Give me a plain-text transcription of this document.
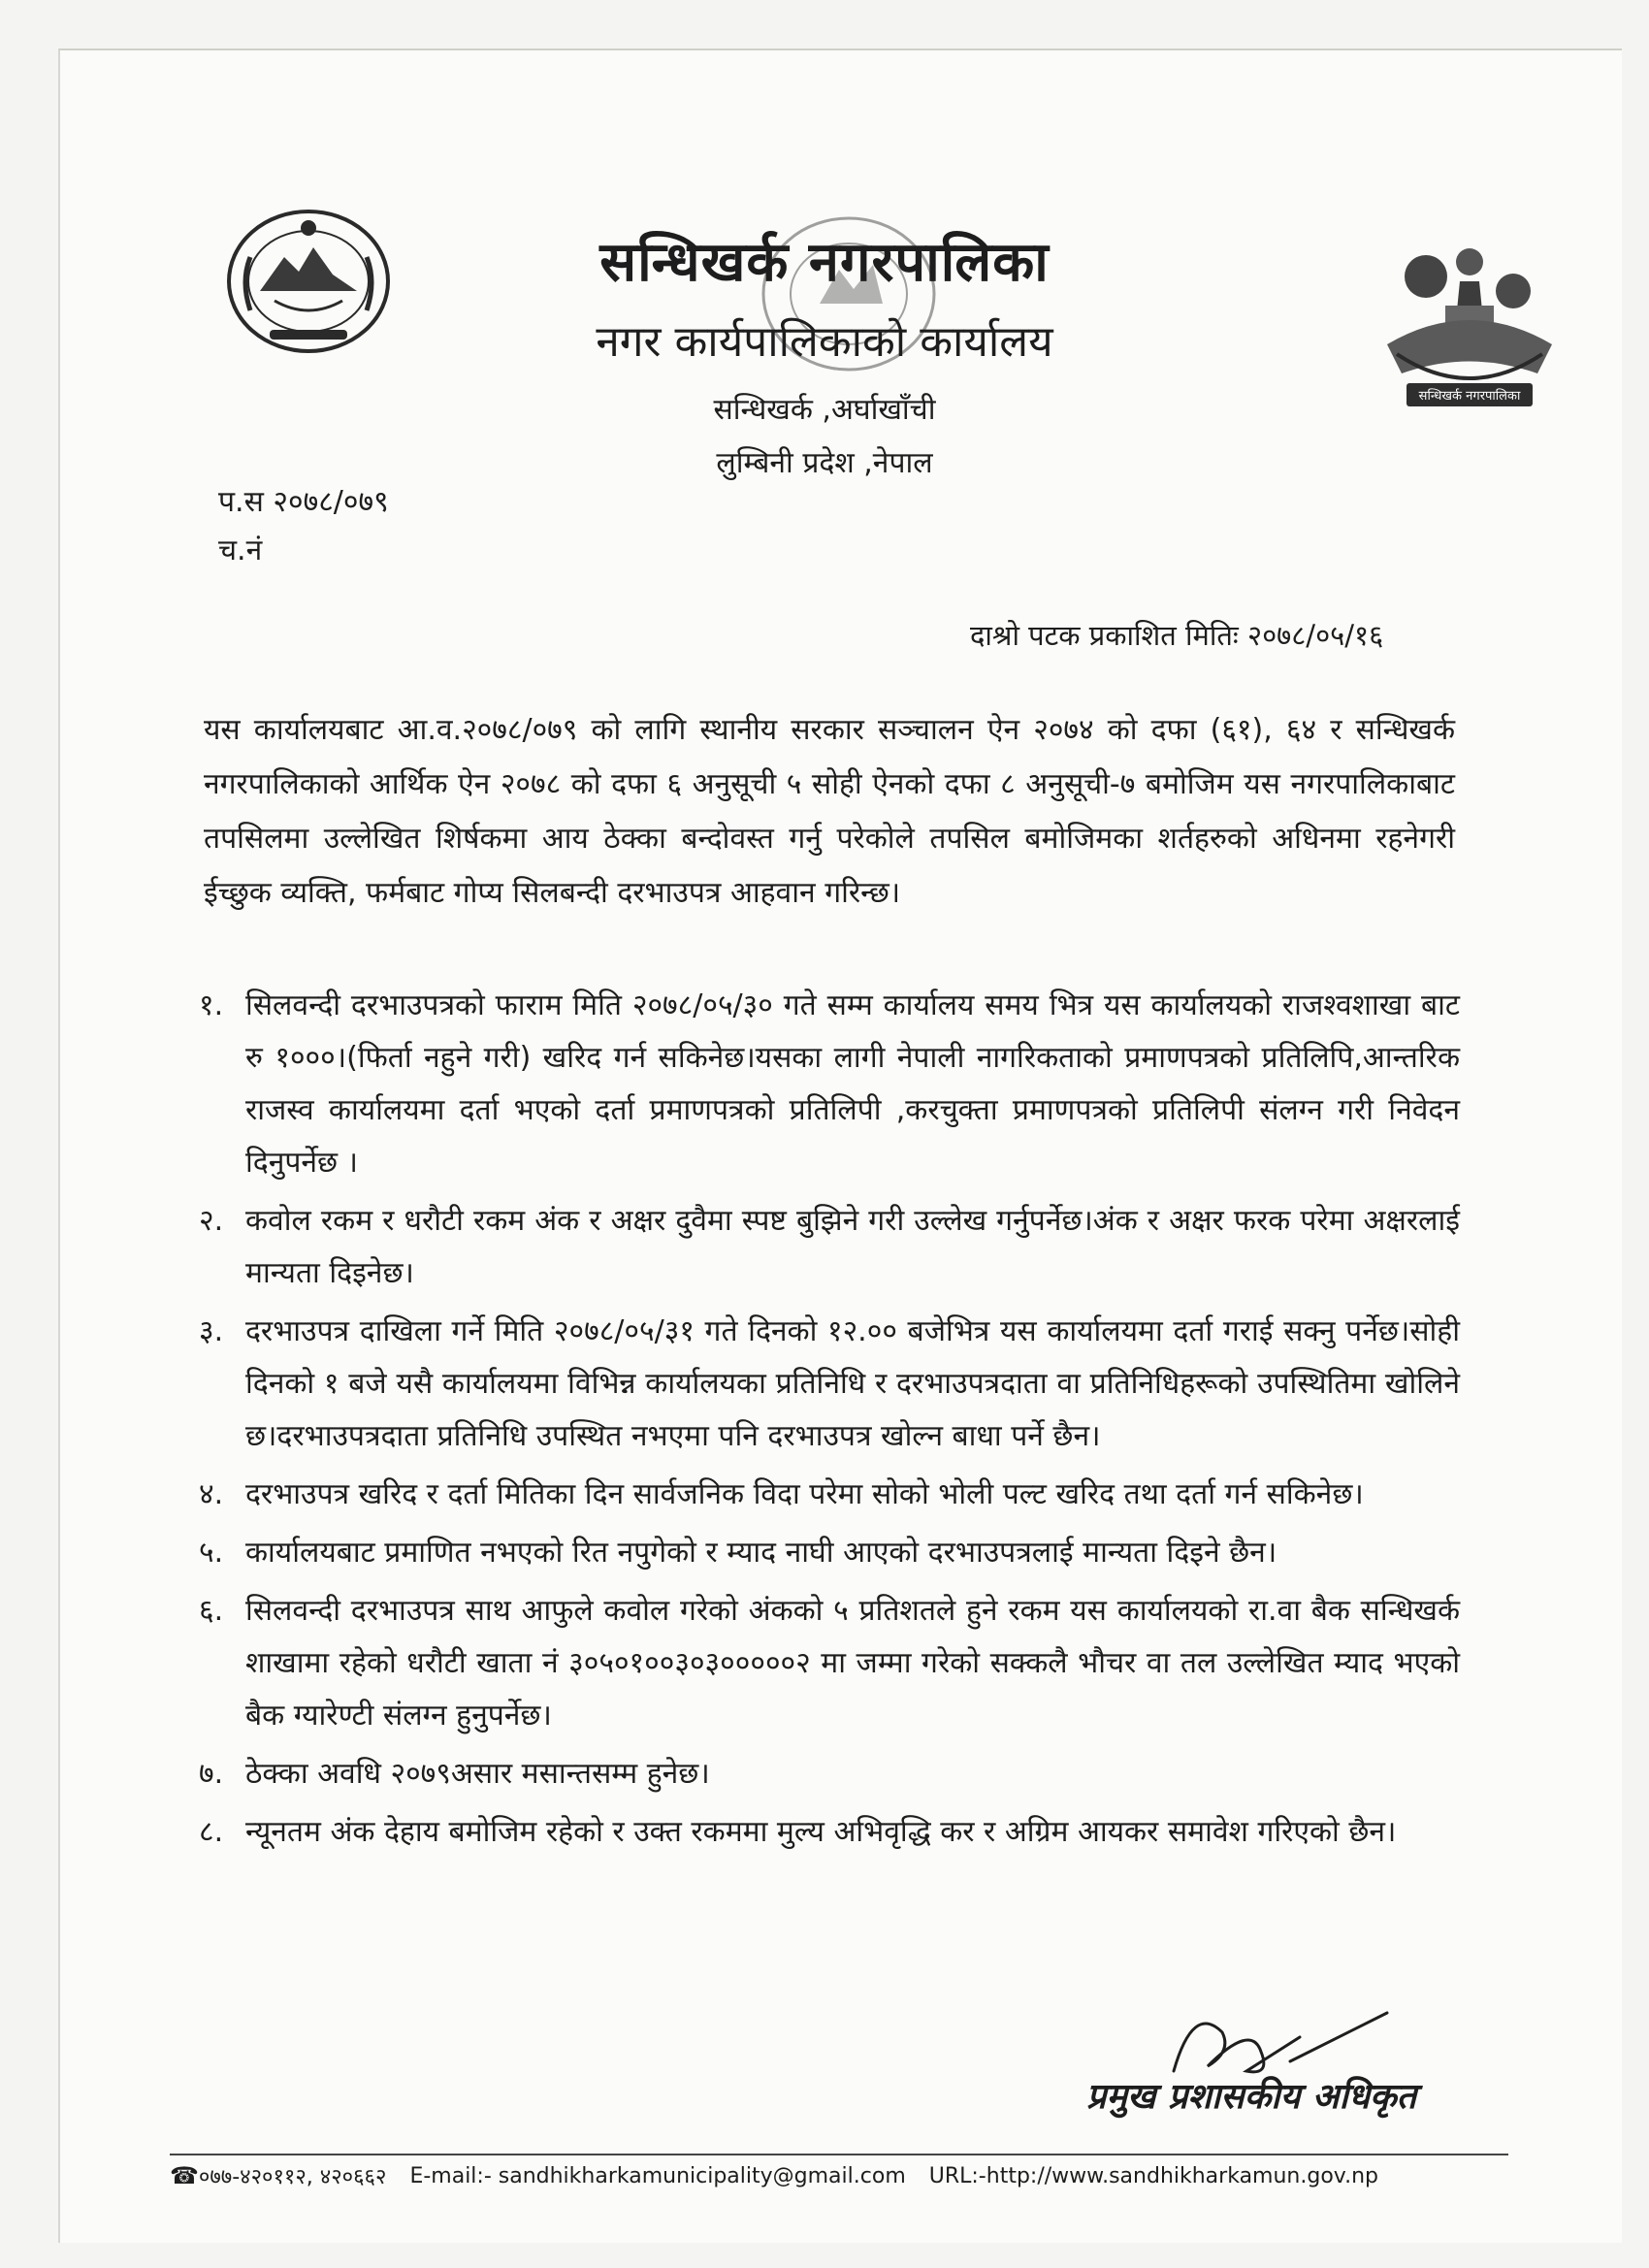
सन्धिखर्क नगरपालिका
सन्धिखर्क नगरपालिका
नगर कार्यपालिकाको कार्यालय
सन्धिखर्क ,अर्घाखाँची
लुम्बिनी प्रदेश ,नेपाल
प.स २०७८/०७९
च.नं
दाश्रो पटक प्रकाशित मितिः २०७८/०५/१६

यस कार्यालयबाट आ.व.२०७८/०७९ को लागि स्थानीय सरकार सञ्चालन ऐन २०७४ को दफा (६१), ६४ र सन्धिखर्क नगरपालिकाको आर्थिक ऐन २०७८ को दफा ६ अनुसूची ५ सोही ऐनको दफा ८ अनुसूची-७ बमोजिम यस नगरपालिकाबाट तपसिलमा उल्लेखित शिर्षकमा आय ठेक्का बन्दोवस्त गर्नु परेकोले तपसिल बमोजिमका शर्तहरुको अधिनमा रहनेगरी ईच्छुक व्यक्ति, फर्मबाट गोप्य सिलबन्दी दरभाउपत्र आहवान गरिन्छ।

१. सिलवन्दी दरभाउपत्रको फाराम मिति २०७८/०५/३० गते सम्म कार्यालय समय भित्र यस कार्यालयको राजश्वशाखा बाट रु १०००।(फिर्ता नहुने गरी) खरिद गर्न सकिनेछ।यसका लागी नेपाली नागरिकताको प्रमाणपत्रको प्रतिलिपि,आन्तरिक राजस्व कार्यालयमा दर्ता भएको दर्ता प्रमाणपत्रको प्रतिलिपी ,करचुक्ता प्रमाणपत्रको प्रतिलिपी संलग्न गरी निवेदन दिनुपर्नेछ ।
२. कवोल रकम र धरौटी रकम अंक र अक्षर दुवैमा स्पष्ट बुझिने गरी उल्लेख गर्नुपर्नेछ।अंक र अक्षर फरक परेमा अक्षरलाई मान्यता दिइनेछ।
३. दरभाउपत्र दाखिला गर्ने मिति २०७८/०५/३१ गते दिनको १२.०० बजेभित्र यस कार्यालयमा दर्ता गराई सक्नु पर्नेछ।सोही दिनको १ बजे यसै कार्यालयमा विभिन्न कार्यालयका प्रतिनिधि र दरभाउपत्रदाता वा प्रतिनिधिहरूको उपस्थितिमा खोलिने छ।दरभाउपत्रदाता प्रतिनिधि उपस्थित नभएमा पनि दरभाउपत्र खोल्न बाधा पर्ने छैन।
४. दरभाउपत्र खरिद र दर्ता मितिका दिन सार्वजनिक विदा परेमा सोको भोली पल्ट खरिद तथा दर्ता गर्न सकिनेछ।
५. कार्यालयबाट प्रमाणित नभएको रित नपुगेको र म्याद नाघी आएको दरभाउपत्रलाई मान्यता दिइने छैन।
६. सिलवन्दी दरभाउपत्र साथ आफुले कवोल गरेको अंकको ५ प्रतिशतले हुने रकम यस कार्यालयको रा.वा बैक सन्धिखर्क शाखामा रहेको धरौटी खाता नं ३०५०१००३०३०००००२ मा जम्मा गरेको सक्कलै भौचर वा तल उल्लेखित म्याद भएको बैक ग्यारेण्टी संलग्न हुनुपर्नेछ।
७. ठेक्का अवधि २०७९असार मसान्तसम्म हुनेछ।
८. न्यूनतम अंक देहाय बमोजिम रहेको र उक्त रकममा मुल्य अभिवृद्धि कर र अग्रिम आयकर समावेश गरिएको छैन।
प्रमुख प्रशासकीय अधिकृत
☎०७७-४२०११२, ४२०६६२ E-mail:- sandhikharkamunicipality@gmail.com URL:-http://www.sandhikharkamun.gov.np
